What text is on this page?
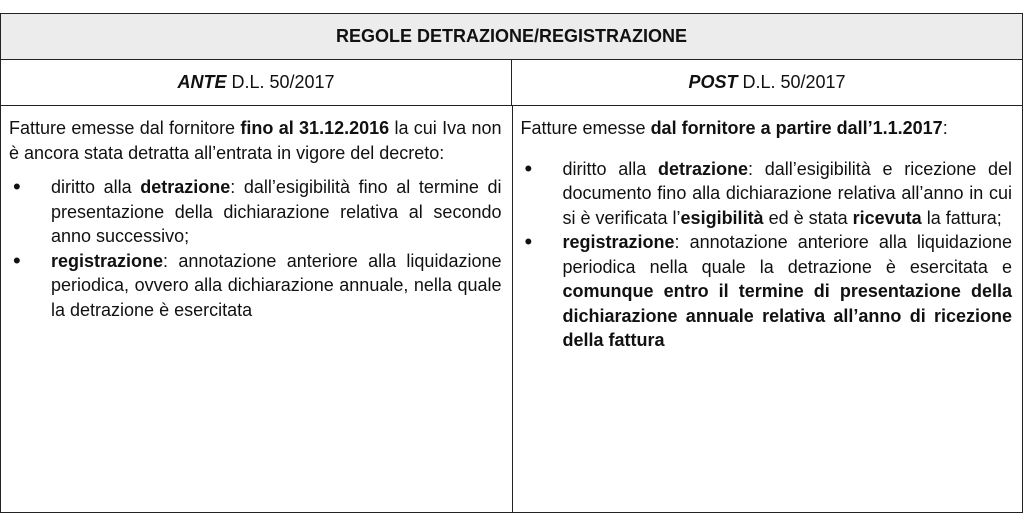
REGOLE DETRAZIONE/REGISTRAZIONE
ANTE D.L. 50/2017	POST D.L. 50/2017

Fatture emesse dal fornitore fino al 31.12.2016 la cui Iva non è ancora stata detratta all’entrata in vigore del decreto:

• diritto alla detrazione: dall’esigibilità fino al termine di presentazione della dichiarazione relativa al secondo anno successivo;
• registrazione: annotazione anteriore alla liquidazione periodica, ovvero alla dichiarazione annuale, nella quale la detrazione è esercitata

Fatture emesse dal fornitore a partire dall’1.1.2017:

• diritto alla detrazione: dall’esigibilità e ricezione del documento fino alla dichiarazione relativa all’anno in cui si è verificata l’esigibilità ed è stata ricevuta la fattura;
• registrazione: annotazione anteriore alla liquidazione periodica nella quale la detrazione è esercitata e comunque entro il termine di presentazione della dichiarazione annuale relativa all’anno di ricezione della fattura
